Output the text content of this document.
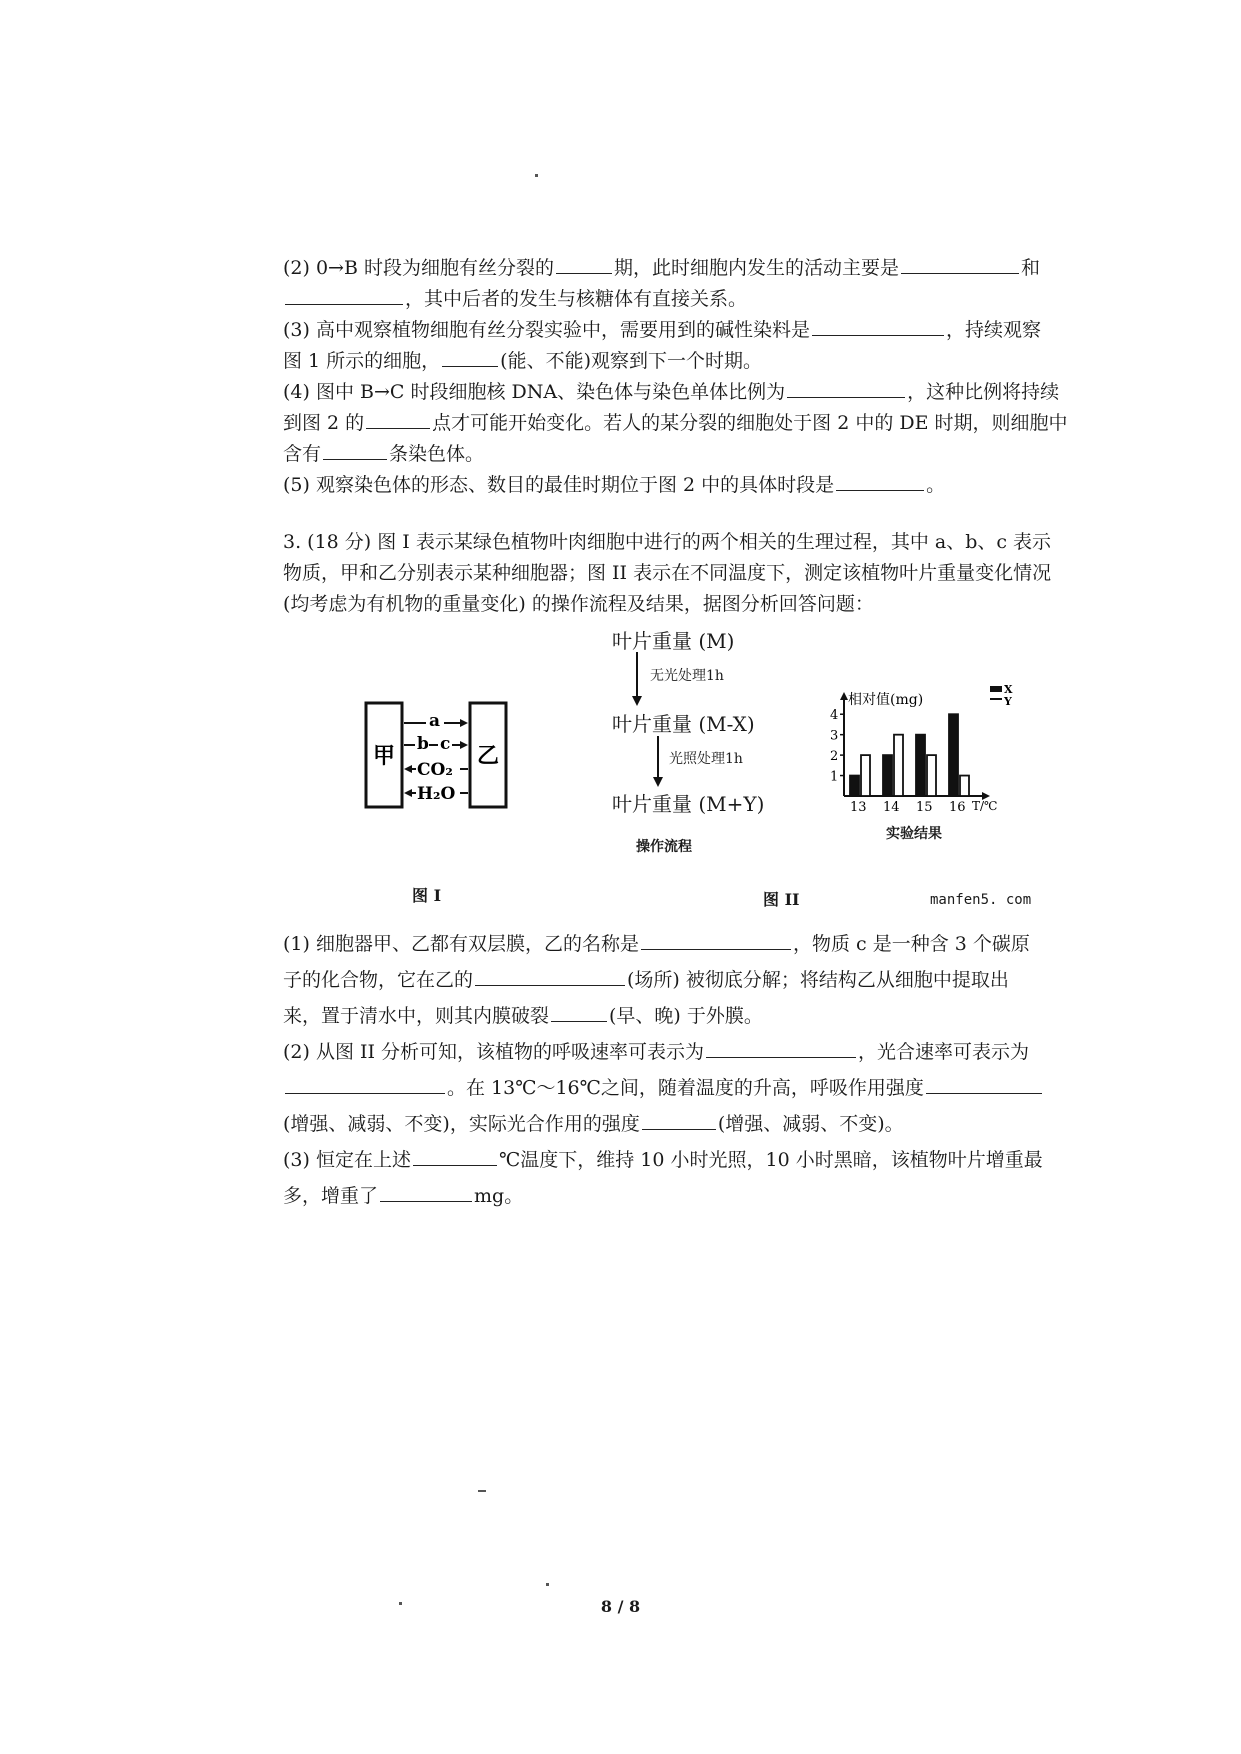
(2) 0→B 时段为细胞有丝分裂的	期，此时细胞内发生的活动主要是	和
，其中后者的发生与核糖体有直接关系。
(3) 高中观察植物细胞有丝分裂实验中，需要用到的碱性染料是	，持续观察
图 1 所示的细胞，	(能、不能)观察到下一个时期。
(4) 图中 B→C 时段细胞核 DNA、染色体与染色单体比例为	，这种比例将持续
到图 2 的	点才可能开始变化。若人的某分裂的细胞处于图 2 中的 DE 时期，则细胞中
含有	条染色体。
(5) 观察染色体的形态、数目的最佳时期位于图 2 中的具体时段是	。
3. (18 分) 图 I 表示某绿色植物叶肉细胞中进行的两个相关的生理过程，其中 a、b、c 表示
物质，甲和乙分别表示某种细胞器；图 II 表示在不同温度下，测定该植物叶片重量变化情况
(均考虑为有机物的重量变化) 的操作流程及结果，据图分析回答问题：
甲	乙
a
b c
CO₂
H₂O
图 I
叶片重量 (M)
无光处理1h
叶片重量 (M-X)
光照处理1h
叶片重量 (M+Y)
操作流程
相对值(mg)
T/℃
X
Y
1
2
3
4
13 14 15 16
实验结果
图 II	manfen5. com
(1) 细胞器甲、乙都有双层膜，乙的名称是	，物质 c 是一种含 3 个碳原
子的化合物，它在乙的	(场所) 被彻底分解；将结构乙从细胞中提取出
来，置于清水中，则其内膜破裂	(早、晚) 于外膜。
(2) 从图 II 分析可知，该植物的呼吸速率可表示为	，光合速率可表示为
。在 13℃～16℃之间，随着温度的升高，呼吸作用强度
(增强、减弱、不变)，实际光合作用的强度	(增强、减弱、不变)。
(3) 恒定在上述	℃温度下，维持 10 小时光照，10 小时黑暗，该植物叶片增重最
多，增重了	mg。
8 / 8
